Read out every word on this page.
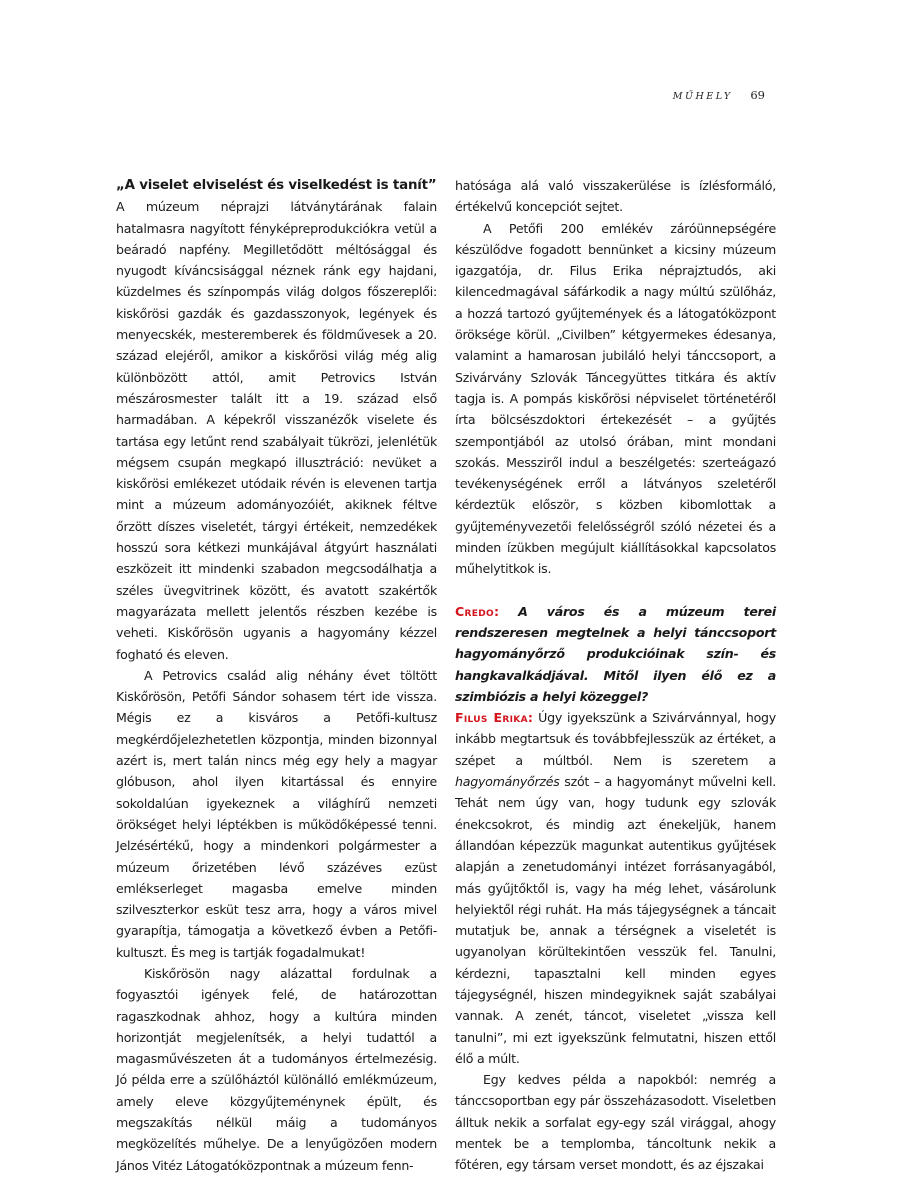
MŰHELY 69
„A viselet elviselést és viselkedést is tanít”

A múzeum néprajzi látványtárának falain hatalmasra nagyított fényképreprodukciókra vetül a beáradó napfény. Megilletődött méltósággal és nyugodt kíváncsisággal néznek ránk egy hajdani, küzdelmes és színpompás világ dolgos főszereplői: kiskőrösi gazdák és gazdasszonyok, legények és menyecskék, mesteremberek és földművesek a 20. század elejéről, amikor a kiskőrösi világ még alig különbözött attól, amit Petrovics István mészárosmester talált itt a 19. század első harmadában. A képekről visszanézők viselete és tartása egy letűnt rend szabályait tükrözi, jelenlétük mégsem csupán megkapó illusztráció: nevüket a kiskőrösi emlékezet utódaik révén is elevenen tartja mint a múzeum adományozóiét, akiknek féltve őrzött díszes viseletét, tárgyi értékeit, nemzedékek hosszú sora kétkezi munkájával átgyúrt használati eszközeit itt mindenki szabadon megcsodálhatja a széles üvegvitrinek között, és avatott szakértők magyarázata mellett jelentős részben kezébe is veheti. Kiskőrösön ugyanis a hagyomány kézzel fogható és eleven.

A Petrovics család alig néhány évet töltött Kiskőrösön, Petőfi Sándor sohasem tért ide vissza. Mégis ez a kisváros a Petőfi-kultusz megkérdőjelezhetetlen központja, minden bizonnyal azért is, mert talán nincs még egy hely a magyar glóbuson, ahol ilyen kitartással és ennyire sokoldalúan igyekeznek a világhírű nemzeti örökséget helyi léptékben is működőképessé tenni. Jelzésértékű, hogy a mindenkori polgármester a múzeum őrizetében lévő százéves ezüst emlékserleget magasba emelve minden szilveszterkor esküt tesz arra, hogy a város mivel gyarapítja, támogatja a következő évben a Petőfi-kultuszt. És meg is tartják fogadalmukat!

Kiskőrösön nagy alázattal fordulnak a fogyasztói igények felé, de határozottan ragaszkodnak ahhoz, hogy a kultúra minden horizontját megjelenítsék, a helyi tudattól a magasművészeten át a tudományos értelmezésig. Jó példa erre a szülőháztól különálló emlékmúzeum, amely eleve közgyűjteménynek épült, és megszakítás nélkül máig a tudományos megközelítés műhelye. De a lenyűgözően modern János Vitéz Látogatóközpontnak a múzeum fenn-

hatósága alá való visszakerülése is ízlésformáló, értékelvű koncepciót sejtet.

A Petőfi 200 emlékév záróünnepségére készülődve fogadott bennünket a kicsiny múzeum igazgatója, dr. Filus Erika néprajztudós, aki kilencedmagával sáfárkodik a nagy múltú szülőház, a hozzá tartozó gyűjtemények és a látogatóközpont öröksége körül. „Civilben” kétgyermekes édesanya, valamint a hamarosan jubiláló helyi tánccsoport, a Szivárvány Szlovák Táncegyüttes titkára és aktív tagja is. A pompás kiskőrösi népviselet történetéről írta bölcsészdoktori értekezését – a gyűjtés szempontjából az utolsó órában, mint mondani szokás. Messziről indul a beszélgetés: szerteágazó tevékenységének erről a látványos szeletéről kérdeztük először, s közben kibomlottak a gyűjteményvezetői felelősségről szóló nézetei és a minden ízükben megújult kiállításokkal kapcsolatos műhelytitkok is.

Credo: A város és a múzeum terei rendszeresen megtelnek a helyi tánccsoport hagyományőrző produkcióinak szín- és hangkavalkádjával. Mitől ilyen élő ez a szimbiózis a helyi közeggel?

Filus Erika: Úgy igyekszünk a Szivárvánnyal, hogy inkább megtartsuk és továbbfejlesszük az értéket, a szépet a múltból. Nem is szeretem a hagyományőrzés szót – a hagyományt művelni kell. Tehát nem úgy van, hogy tudunk egy szlovák énekcsokrot, és mindig azt énekeljük, hanem állandóan képezzük magunkat autentikus gyűjtések alapján a zenetudományi intézet forrásanyagából, más gyűjtőktől is, vagy ha még lehet, vásárolunk helyiektől régi ruhát. Ha más tájegységnek a táncait mutatjuk be, annak a térségnek a viseletét is ugyanolyan körültekintően vesszük fel. Tanulni, kérdezni, tapasztalni kell minden egyes tájegységnél, hiszen mindegyiknek saját szabályai vannak. A zenét, táncot, viseletet „vissza kell tanulni”, mi ezt igyekszünk felmutatni, hiszen ettől élő a múlt.

Egy kedves példa a napokból: nemrég a tánccsoportban egy pár összeházasodott. Viseletben álltuk nekik a sorfalat egy-egy szál virággal, ahogy mentek be a templomba, táncoltunk nekik a főtéren, egy társam verset mondott, és az éjszakai
